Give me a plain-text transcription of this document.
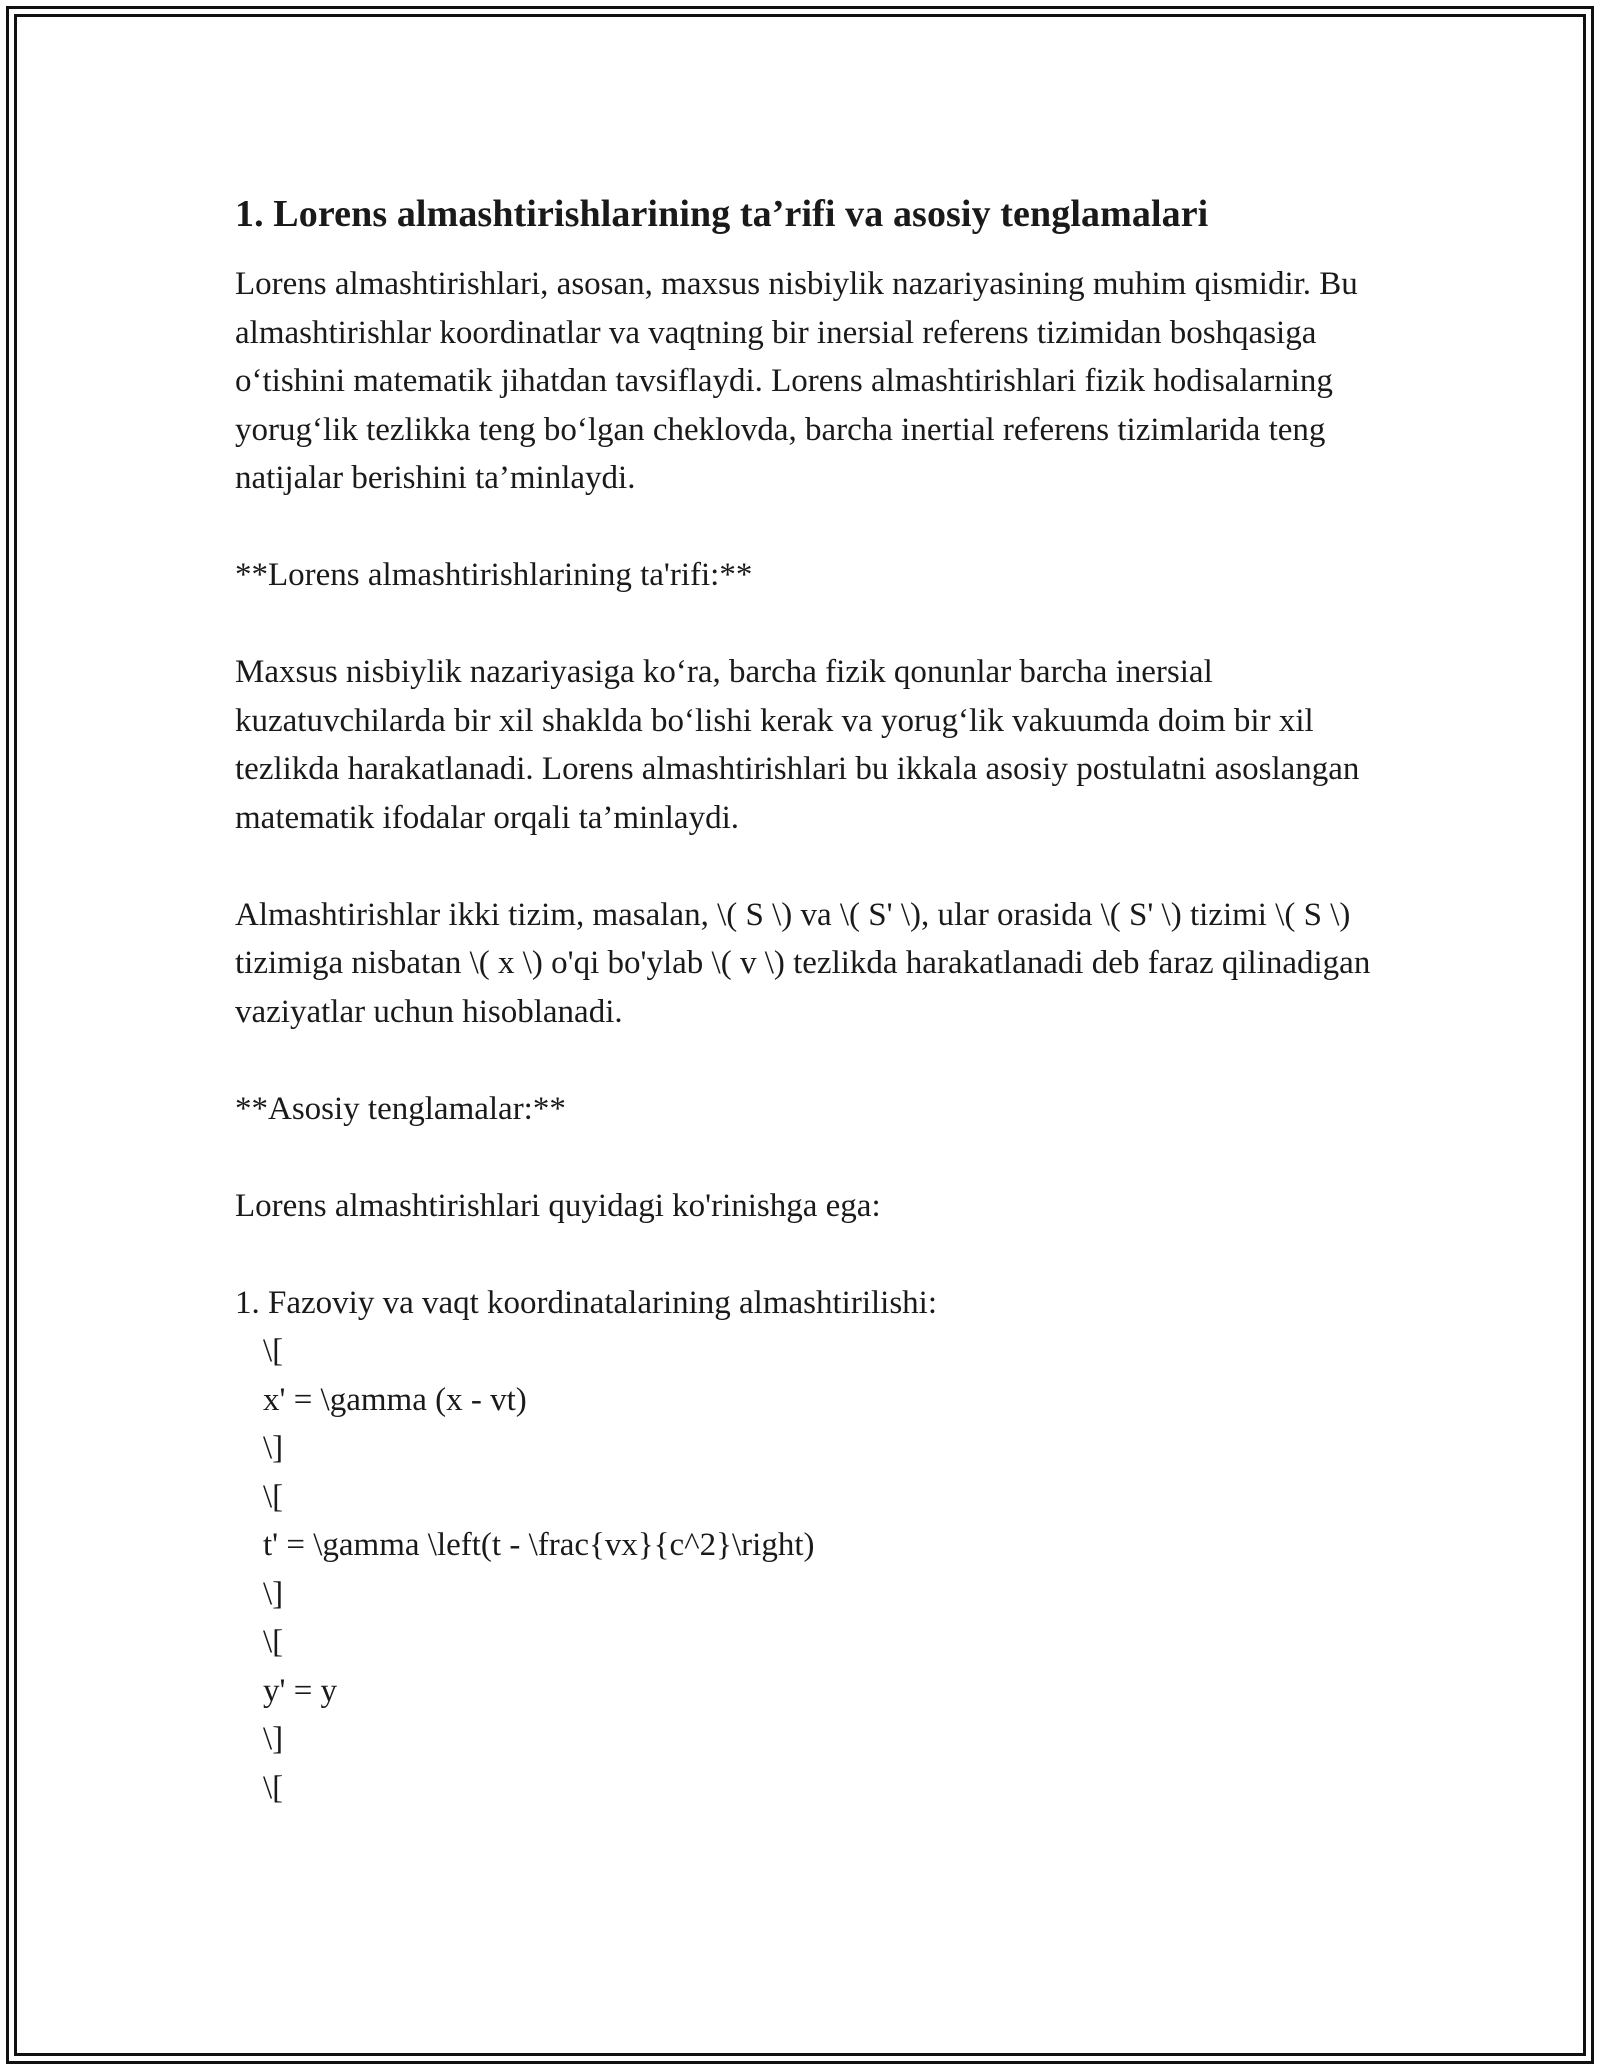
1. Lorens almashtirishlarining ta’rifi va asosiy tenglamalari

Lorens almashtirishlari, asosan, maxsus nisbiylik nazariyasining muhim qismidir. Bu almashtirishlar koordinatlar va vaqtning bir inersial referens tizimidan boshqasiga o‘tishini matematik jihatdan tavsiflaydi. Lorens almashtirishlari fizik hodisalarning yorug‘lik tezlikka teng bo‘lgan cheklovda, barcha inertial referens tizimlarida teng natijalar berishini ta’minlaydi.

**Lorens almashtirishlarining ta'rifi:**

Maxsus nisbiylik nazariyasiga ko‘ra, barcha fizik qonunlar barcha inersial kuzatuvchilarda bir xil shaklda bo‘lishi kerak va yorug‘lik vakuumda doim bir xil tezlikda harakatlanadi. Lorens almashtirishlari bu ikkala asosiy postulatni asoslangan matematik ifodalar orqali ta’minlaydi.

Almashtirishlar ikki tizim, masalan, \( S \) va \( S' \), ular orasida \( S' \) tizimi \( S \) tizimiga nisbatan \( x \) o'qi bo'ylab \( v \) tezlikda harakatlanadi deb faraz qilinadigan vaziyatlar uchun hisoblanadi.

**Asosiy tenglamalar:**

Lorens almashtirishlari quyidagi ko'rinishga ega:

1. Fazoviy va vaqt koordinatalarining almashtirilishi:

\[

x' = \gamma (x - vt)

\]

\[

t' = \gamma \left(t - \frac{vx}{c^2}\right)

\]

\[

y' = y

\]

\[
